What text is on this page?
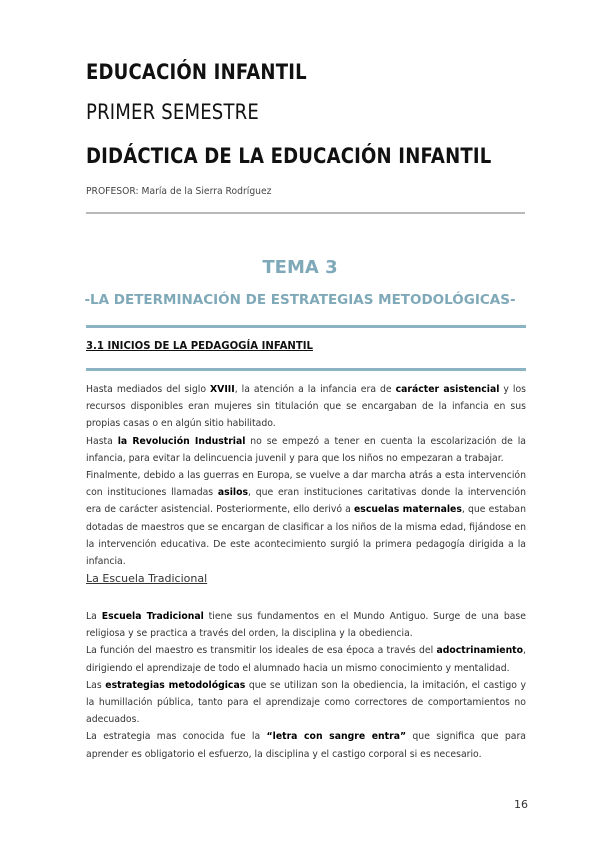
EDUCACIÓN INFANTIL
PRIMER SEMESTRE
DIDÁCTICA DE LA EDUCACIÓN INFANTIL
PROFESOR: María de la Sierra Rodríguez
TEMA 3
-LA DETERMINACIÓN DE ESTRATEGIAS METODOLÓGICAS-
3.1 INICIOS DE LA PEDAGOGÍA INFANTIL
Hasta mediados del siglo XVIII, la atención a la infancia era de carácter asistencial y los recursos disponibles eran mujeres sin titulación que se encargaban de la infancia en sus propias casas o en algún sitio habilitado.
Hasta la Revolución Industrial no se empezó a tener en cuenta la escolarización de la infancia, para evitar la delincuencia juvenil y para que los niños no empezaran a trabajar.
Finalmente, debido a las guerras en Europa, se vuelve a dar marcha atrás a esta intervención con instituciones llamadas asilos, que eran instituciones caritativas donde la intervención era de carácter asistencial. Posteriormente, ello derivó a escuelas maternales, que estaban dotadas de maestros que se encargan de clasificar a los niños de la misma edad, fijándose en la intervención educativa. De este acontecimiento surgió la primera pedagogía dirigida a la infancia.
La Escuela Tradicional
La Escuela Tradicional tiene sus fundamentos en el Mundo Antiguo. Surge de una base religiosa y se practica a través del orden, la disciplina y la obediencia.
La función del maestro es transmitir los ideales de esa época a través del adoctrinamiento, dirigiendo el aprendizaje de todo el alumnado hacia un mismo conocimiento y mentalidad.
Las estrategias metodológicas que se utilizan son la obediencia, la imitación, el castigo y la humillación pública, tanto para el aprendizaje como correctores de comportamientos no adecuados.
La estrategia mas conocida fue la “letra con sangre entra” que significa que para aprender es obligatorio el esfuerzo, la disciplina y el castigo corporal si es necesario.
16
